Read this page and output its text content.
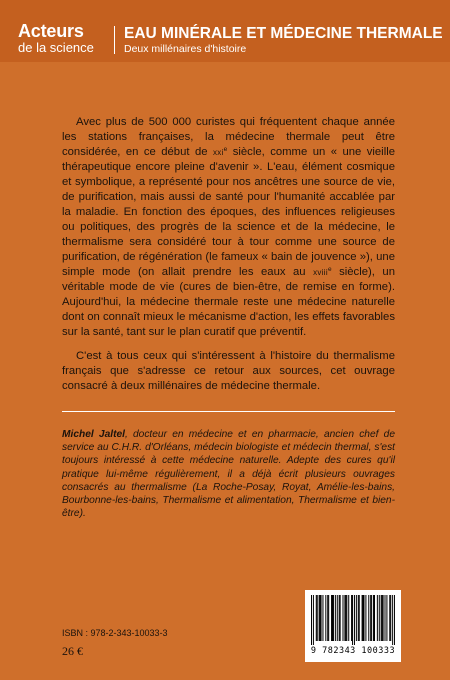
Acteurs
de la science
EAU MINÉRALE ET MÉDECINE THERMALE
Deux millénaires d'histoire

Avec plus de 500 000 curistes qui fréquentent chaque année les stations françaises, la médecine thermale peut être considérée, en ce début de xxi$^e$ siècle, comme un « une vieille thérapeutique encore pleine d'avenir ». L'eau, élément cosmique et symbolique, a représenté pour nos ancêtres une source de vie, de purification, mais aussi de santé pour l'humanité accablée par la maladie. En fonction des époques, des influences religieuses ou politiques, des progrès de la science et de la médecine, le thermalisme sera considéré tour à tour comme une source de purification, de régénération (le fameux « bain de jouvence »), une simple mode (on allait prendre les eaux au xviii$^e$ siècle), un véritable mode de vie (cures de bien-être, de remise en forme). Aujourd'hui, la médecine thermale reste une médecine naturelle dont on connaît mieux le mécanisme d'action, les effets favorables sur la santé, tant sur le plan curatif que préventif.

C'est à tous ceux qui s'intéressent à l'histoire du thermalisme français que s'adresse ce retour aux sources, cet ouvrage consacré à deux millénaires de médecine thermale.

Michel Jaltel, docteur en médecine et en pharmacie, ancien chef de service au C.H.R. d'Orléans, médecin biologiste et médecin thermal, s'est toujours intéressé à cette médecine naturelle. Adepte des cures qu'il pratique lui-même régulièrement, il a déjà écrit plusieurs ouvrages consacrés au thermalisme (La Roche-Posay, Royat, Amélie-les-bains, Bourbonne-les-bains, Thermalisme et alimentation, Thermalisme et bien-être).
ISBN : 978-2-343-10033-3
26 €	9 782343 100333
